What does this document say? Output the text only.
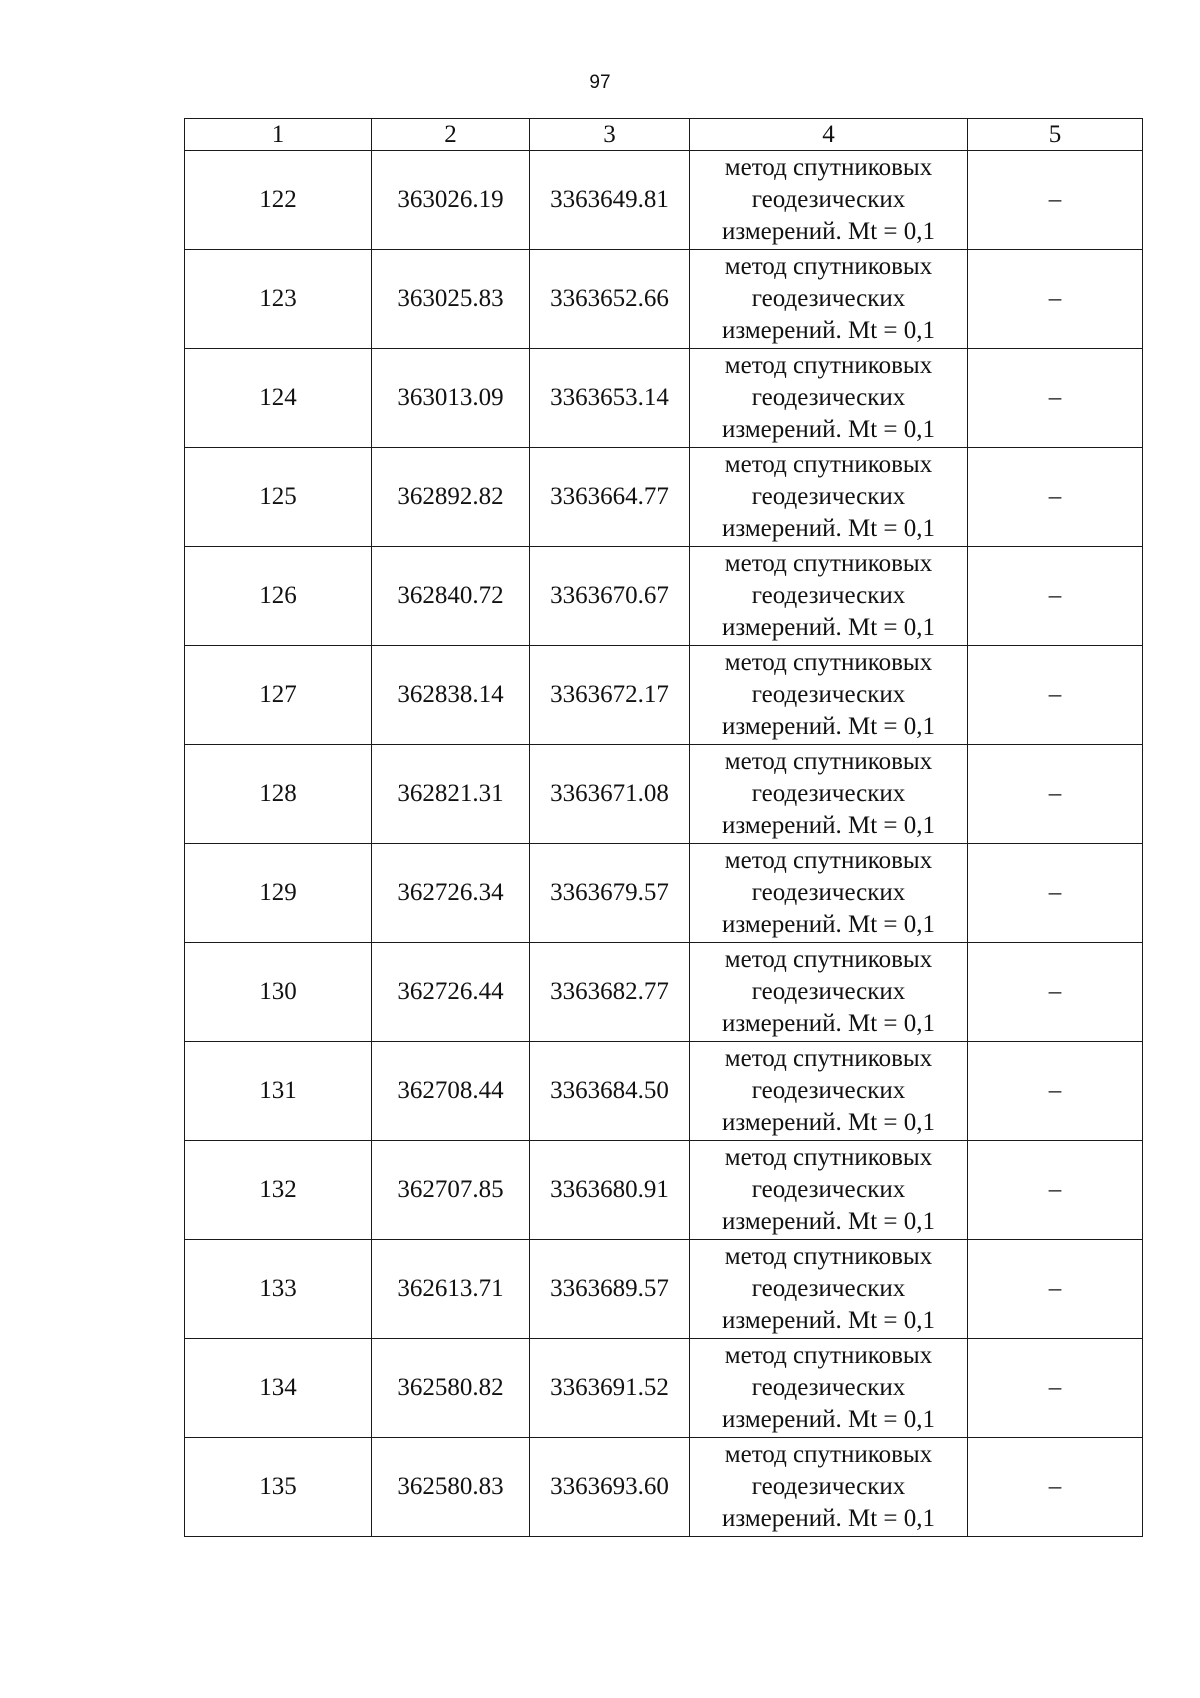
97
1	2	3	4	5
122	363026.19	3363649.81	метод спутниковых
геодезических
измерений. Mt = 0,1	–
123	363025.83	3363652.66	метод спутниковых
геодезических
измерений. Mt = 0,1	–
124	363013.09	3363653.14	метод спутниковых
геодезических
измерений. Mt = 0,1	–
125	362892.82	3363664.77	метод спутниковых
геодезических
измерений. Mt = 0,1	–
126	362840.72	3363670.67	метод спутниковых
геодезических
измерений. Mt = 0,1	–
127	362838.14	3363672.17	метод спутниковых
геодезических
измерений. Mt = 0,1	–
128	362821.31	3363671.08	метод спутниковых
геодезических
измерений. Mt = 0,1	–
129	362726.34	3363679.57	метод спутниковых
геодезических
измерений. Mt = 0,1	–
130	362726.44	3363682.77	метод спутниковых
геодезических
измерений. Mt = 0,1	–
131	362708.44	3363684.50	метод спутниковых
геодезических
измерений. Mt = 0,1	–
132	362707.85	3363680.91	метод спутниковых
геодезических
измерений. Mt = 0,1	–
133	362613.71	3363689.57	метод спутниковых
геодезических
измерений. Mt = 0,1	–
134	362580.82	3363691.52	метод спутниковых
геодезических
измерений. Mt = 0,1	–
135	362580.83	3363693.60	метод спутниковых
геодезических
измерений. Mt = 0,1	–
